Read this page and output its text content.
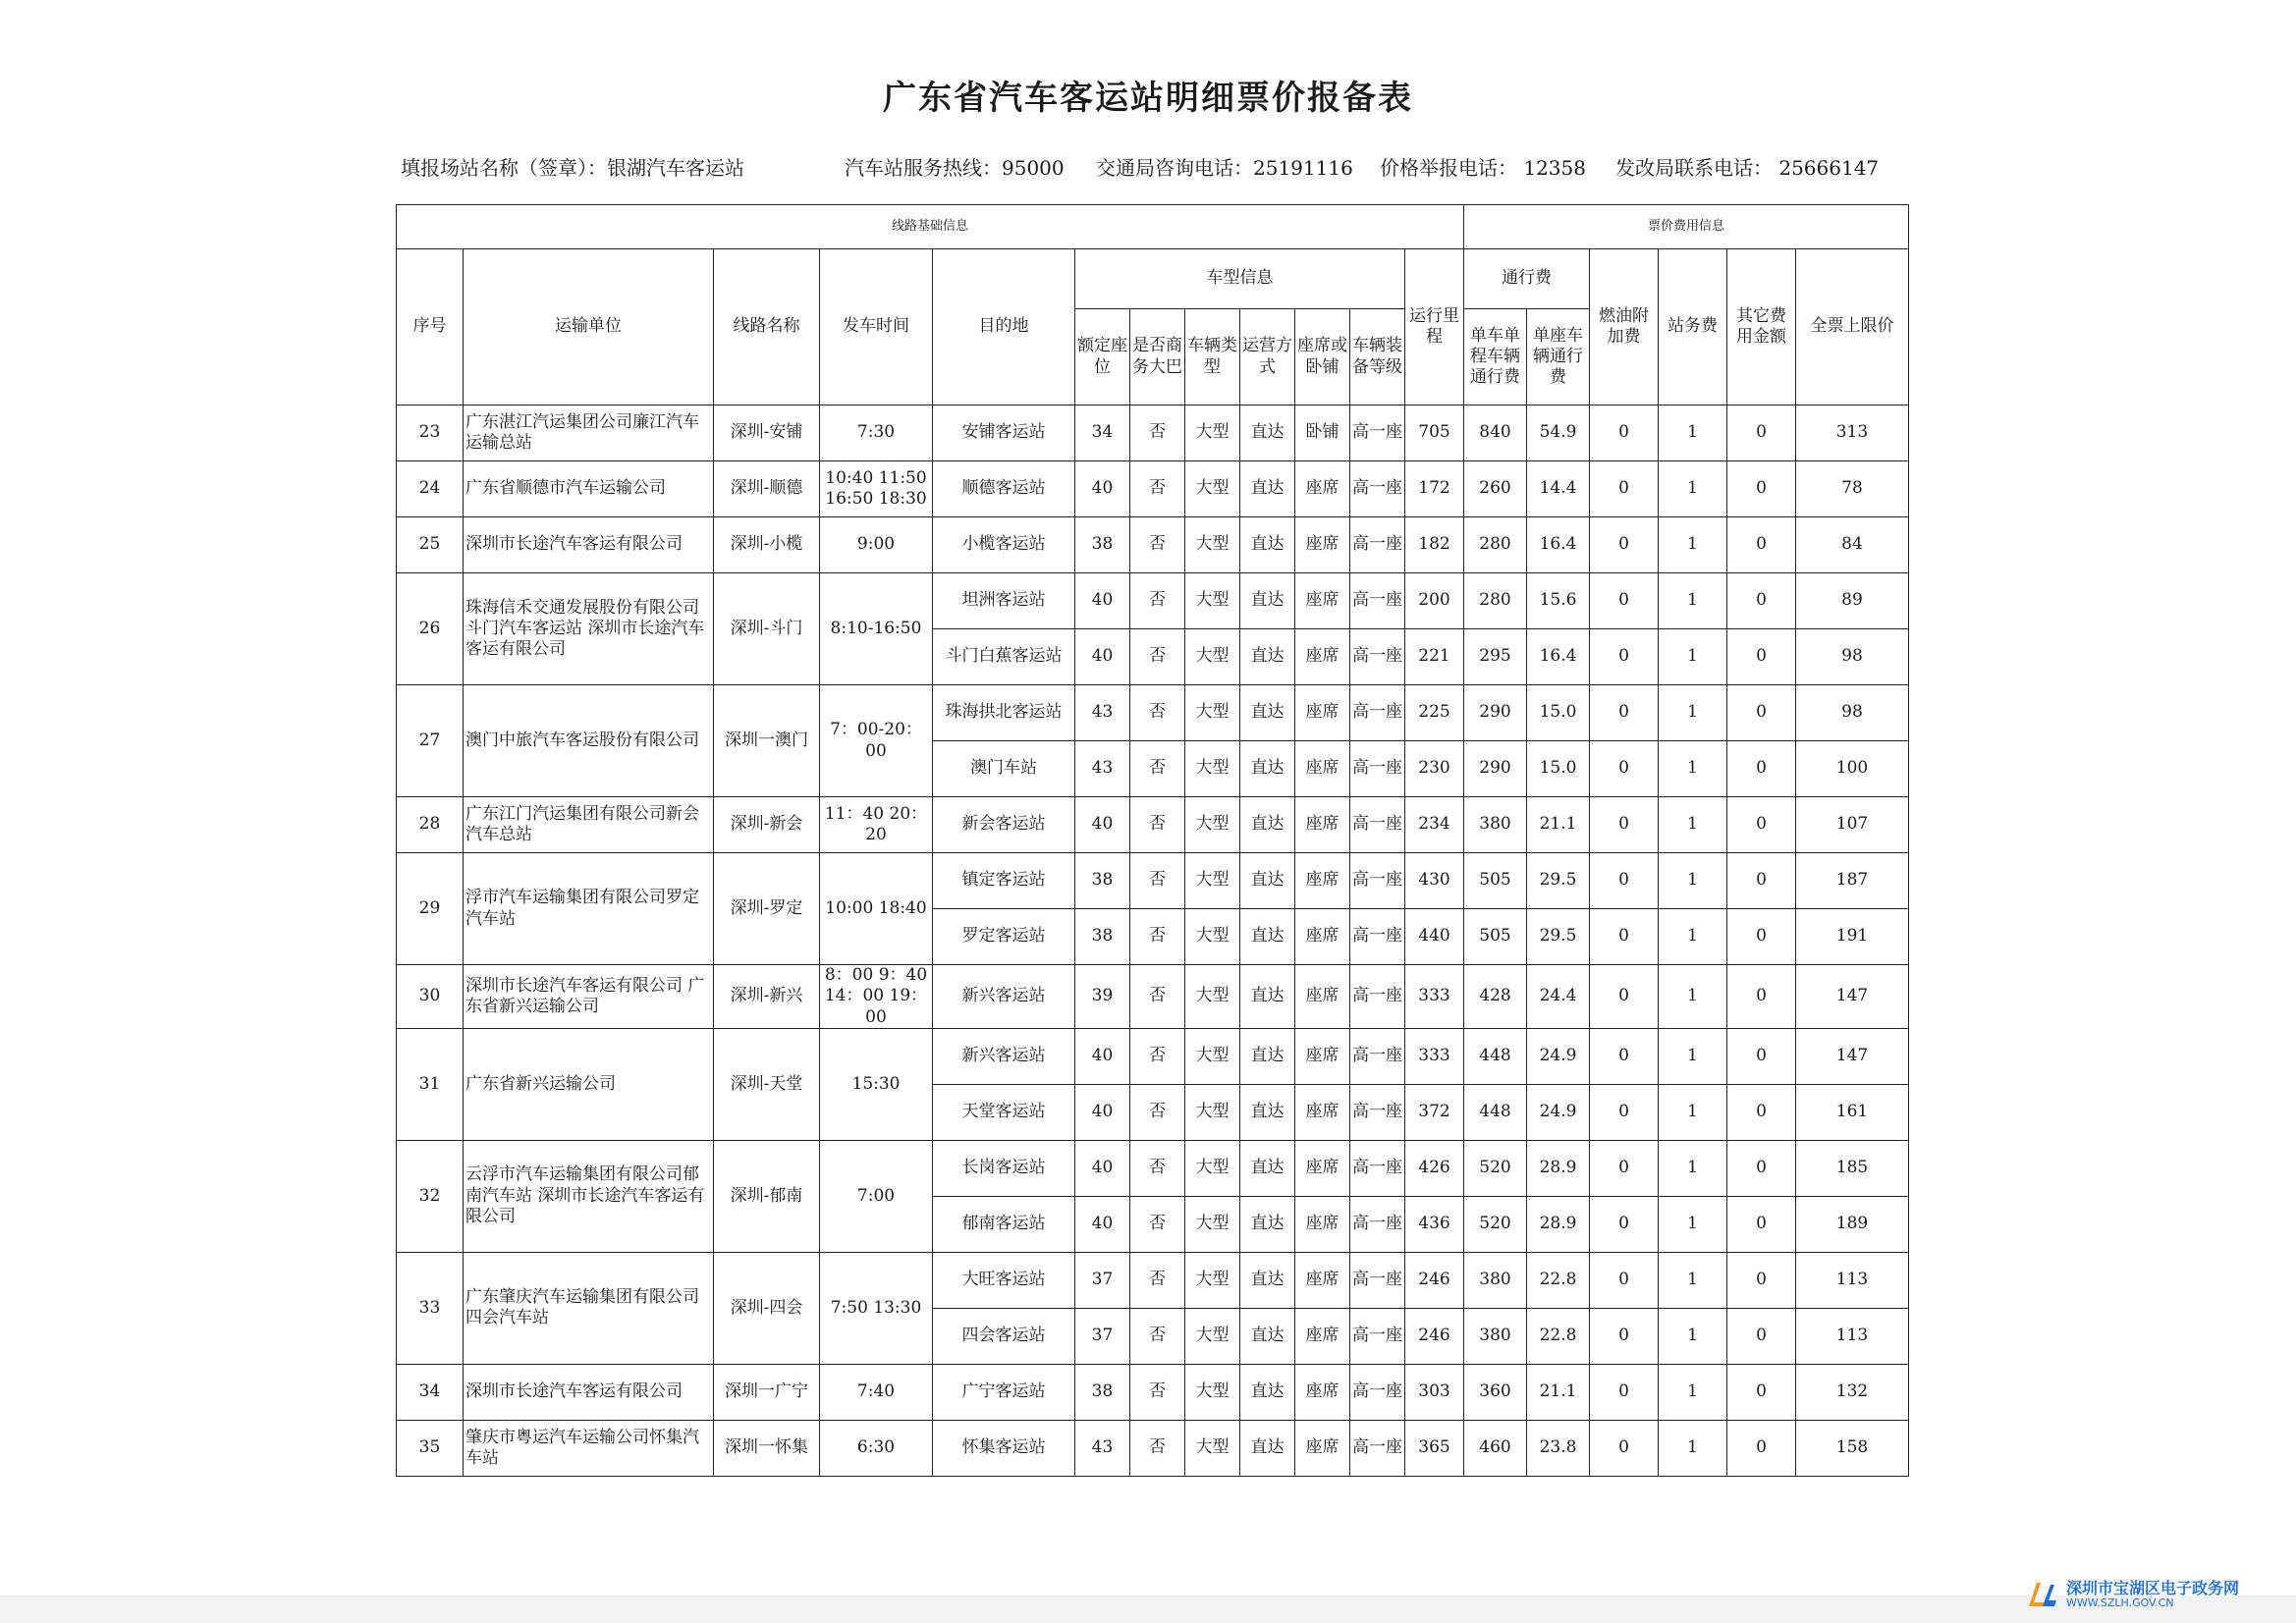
广东省汽车客运站明细票价报备表
填报场站名称（签章）：银湖汽车客运站	汽车站服务热线：95000 交通局咨询电话：25191116 价格举报电话： 12358 发改局联系电话： 25666147
线路基础信息												票价费用信息					
序号	运输单位	线路名称	发车时间	目的地	车型信息						运行里程	通行费		燃油附加费	站务费	其它费用金额	全票上限价
					额定座位	是否商务大巴	车辆类型	运营方式	座席或卧铺	车辆装备等级		单车单程车辆通行费	单座车辆通行费				
23	广东湛江汽运集团公司廉江汽车运输总站	深圳-安铺	7:30	安铺客运站	34	否	大型	直达	卧铺	高一座	705	840	54.9	0	1	0	313
24	广东省顺德市汽车运输公司	深圳-顺德	10:40 11:50 16:50 18:30	顺德客运站	40	否	大型	直达	座席	高一座	172	260	14.4	0	1	0	78
25	深圳市长途汽车客运有限公司	深圳-小榄	9:00	小榄客运站	38	否	大型	直达	座席	高一座	182	280	16.4	0	1	0	84
26	珠海信禾交通发展股份有限公司斗门汽车客运站 深圳市长途汽车客运有限公司	深圳-斗门	8:10-16:50	坦洲客运站	40	否	大型	直达	座席	高一座	200	280	15.6	0	1	0	89
				斗门白蕉客运站	40	否	大型	直达	座席	高一座	221	295	16.4	0	1	0	98
27	澳门中旅汽车客运股份有限公司	深圳一澳门	7：00-20：00	珠海拱北客运站	43	否	大型	直达	座席	高一座	225	290	15.0	0	1	0	98
				澳门车站	43	否	大型	直达	座席	高一座	230	290	15.0	0	1	0	100
28	广东江门汽运集团有限公司新会汽车总站	深圳-新会	11：40 20：20	新会客运站	40	否	大型	直达	座席	高一座	234	380	21.1	0	1	0	107
29	浮市汽车运输集团有限公司罗定汽车站	深圳-罗定	10:00 18:40	镇定客运站	38	否	大型	直达	座席	高一座	430	505	29.5	0	1	0	187
				罗定客运站	38	否	大型	直达	座席	高一座	440	505	29.5	0	1	0	191
30	深圳市长途汽车客运有限公司 广东省新兴运输公司	深圳-新兴	8：00 9：40 14：00 19：00	新兴客运站	39	否	大型	直达	座席	高一座	333	428	24.4	0	1	0	147
31	广东省新兴运输公司	深圳-天堂	15:30	新兴客运站	40	否	大型	直达	座席	高一座	333	448	24.9	0	1	0	147
				天堂客运站	40	否	大型	直达	座席	高一座	372	448	24.9	0	1	0	161
32	云浮市汽车运输集团有限公司郁南汽车站 深圳市长途汽车客运有限公司	深圳-郁南	7:00	长岗客运站	40	否	大型	直达	座席	高一座	426	520	28.9	0	1	0	185
				郁南客运站	40	否	大型	直达	座席	高一座	436	520	28.9	0	1	0	189
33	广东肇庆汽车运输集团有限公司四会汽车站	深圳-四会	7:50 13:30	大旺客运站	37	否	大型	直达	座席	高一座	246	380	22.8	0	1	0	113
				四会客运站	37	否	大型	直达	座席	高一座	246	380	22.8	0	1	0	113
34	深圳市长途汽车客运有限公司	深圳一广宁	7:40	广宁客运站	38	否	大型	直达	座席	高一座	303	360	21.1	0	1	0	132
35	肇庆市粤运汽车运输公司怀集汽车站	深圳一怀集	6:30	怀集客运站	43	否	大型	直达	座席	高一座	365	460	23.8	0	1	0	158
深圳市宝湖区电子政务网
WWW.SZLH.GOV.CN
